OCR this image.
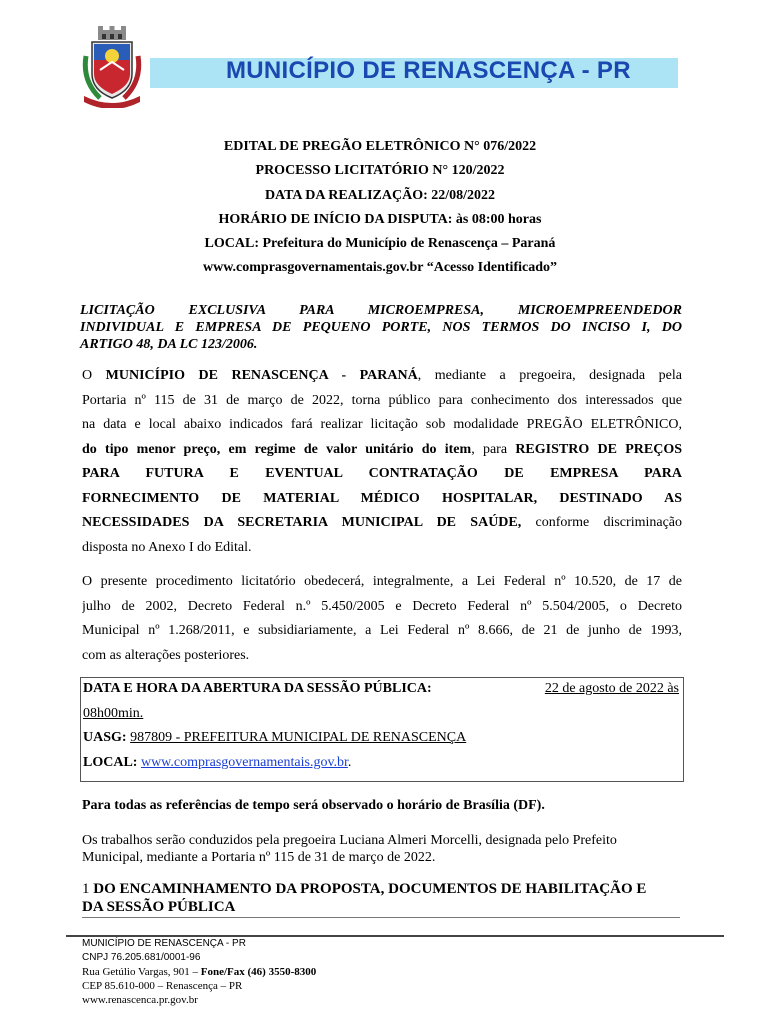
MUNICÍPIO DE RENASCENÇA - PR
EDITAL DE PREGÃO ELETRÔNICO N° 076/2022
PROCESSO LICITATÓRIO N° 120/2022
DATA DA REALIZAÇÃO: 22/08/2022
HORÁRIO DE INÍCIO DA DISPUTA: às 08:00 horas
LOCAL: Prefeitura do Município de Renascença – Paraná
www.comprasgovernamentais.gov.br “Acesso Identificado”

LICITAÇÃO EXCLUSIVA PARA MICROEMPRESA, MICROEMPREENDEDOR

INDIVIDUAL E EMPRESA DE PEQUENO PORTE, NOS TERMOS DO INCISO I, DO

ARTIGO 48, DA LC 123/2006.

O MUNICÍPIO DE RENASCENÇA - PARANÁ, mediante a pregoeira, designada pela
Portaria nº 115 de 31 de março de 2022, torna público para conhecimento dos interessados que
na data e local abaixo indicados fará realizar licitação sob modalidade PREGÃO ELETRÔNICO,
do tipo menor preço, em regime de valor unitário do item, para REGISTRO DE PREÇOS
PARA FUTURA E EVENTUAL CONTRATAÇÃO DE EMPRESA PARA
FORNECIMENTO DE MATERIAL MÉDICO HOSPITALAR, DESTINADO AS
NECESSIDADES DA SECRETARIA MUNICIPAL DE SAÚDE, conforme discriminação
disposta no Anexo I do Edital.
O presente procedimento licitatório obedecerá, integralmente, a Lei Federal nº 10.520, de 17 de
julho de 2002, Decreto Federal n.º 5.450/2005 e Decreto Federal nº 5.504/2005, o Decreto
Municipal nº 1.268/2011, e subsidiariamente, a Lei Federal nº 8.666, de 21 de junho de 1993,
com as alterações posteriores.
DATA E HORA DA ABERTURA DA SESSÃO PÚBLICA:	22 de agosto de 2022 às
08h00min.
UASG: 987809 - PREFEITURA MUNICIPAL DE RENASCENÇA
LOCAL: www.comprasgovernamentais.gov.br.
Para todas as referências de tempo será observado o horário de Brasília (DF).
Os trabalhos serão conduzidos pela pregoeira Luciana Almeri Morcelli, designada pelo Prefeito
Municipal, mediante a Portaria nº 115 de 31 de março de 2022.
1 DO ENCAMINHAMENTO DA PROPOSTA, DOCUMENTOS DE HABILITAÇÃO E
DA SESSÃO PÚBLICA
MUNICÍPIO DE RENASCENÇA - PR
CNPJ 76.205.681/0001-96
Rua Getúlio Vargas, 901 – Fone/Fax (46) 3550-8300
CEP 85.610-000 – Renascença – PR
www.renascenca.pr.gov.br
